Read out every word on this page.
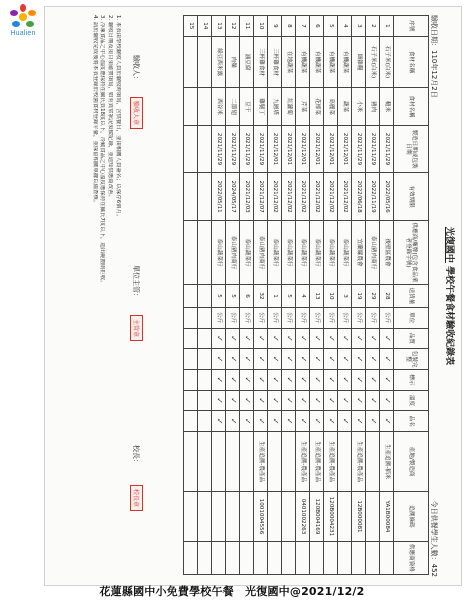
Hualien
光復國中 學校午餐食材驗收紀錄表
驗收日期：110年12月2日
今日供餐學生人數：452
序號	食材名稱	食材名稱	製造日期或包裝日期	有效期限	供應商/廠牌(包含食品業者登錄字號)	送貨量	單位	品質	包裝完整	標示	溫度	品名	產地/製造商	追溯條碼	供應商資格
1	石子米(白米)	糙米	2021/11/29	2022/05/16	後壁區農會	28	公斤	✓	✓	✓	✓	✓	生產追溯-稻米	YA1B00084	
2	石子米(白米)	豬肉	2021/11/29	2022/11/19	泰山豬肉商行	29	公斤	✓	✓	✓	✓	✓			
3	細雜糧	小米	2021/11/29	2022/06/18	宜蘭縣農會	19	公斤	✓	✓	✓	✓	✓	生產追溯-農產品	12B000081	
4	有機蔬菜	蔬菜	2021/12/01	2021/12/02	泰山蔬菜行	3	公斤	✓	✓	✓	✓	✓			
5	有機蔬菜	高麗菜	2021/12/01	2021/12/02	泰山蔬菜行	10	公斤	✓	✓	✓	✓	✓	生產追溯-農產品	120B0004231	
6	有機蔬菜	花椰菜	2021/12/01	2021/12/02	泰山蔬菜行	13	公斤	✓	✓	✓	✓	✓	生產追溯-農產品	120B004169	
7	有機蔬菜	芹菜	2021/12/01	2021/12/02	泰山蔬菜行	4	公斤	✓	✓	✓	✓	✓	生產追溯-農產品	0401002263	
8	在地蔬菜	紅蘿蔔	2021/12/01	2021/12/02	泰山蔬菜行	5	公斤	✓	✓	✓	✓	✓			
9	三杯雞食材	九層塔	2021/12/01	2021/12/02	泰山蔬菜行	1	公斤	✓	✓	✓	✓	✓			
10	三杯雞食材	雞腿丁	2021/11/29	2021/12/07	泰山豬肉商行	32	公斤	✓	✓	✓	✓	✓	生產追溯-農產品	1001004556	
11	滷豆腐	豆干	2021/11/29	2021/12/03	泰山蔬菜行	6	公斤	✓	✓	✓	✓	✓			
12	肉燥	二節翅	2021/11/29	2024/05/17	泰山豬肉商行	5	公斤	✓	✓	✓	✓	✓			
13	綠豆西米露	西谷米	2021/11/29	2022/05/11	泰山蔬菜行	5	公斤	✓	✓	✓	✓	✓			
14															
15															
驗收人：
驗收人章
單位主管：
主管章
校長：
校長章
1. 本表由學校驗收人員於驗收時填寫，含供餐日，並由相關人員簽名；以保存6個月。
2. 驗收日期及項目須確實填寫，如有異常狀況須做紀錄，並通知供應商改善。
3. 冷凍食品之中心溫度應保持在攝氏負18度以下，冷藏食品之中心溫度應保持在攝氏7度以下，超出範圍則拒收。
4. 請於驗收完成後將本表登錄於校園食材登錄平臺，並保留相關單據以備查核。
花蓮縣國中小免費學校午餐　光復國中@2021/12/2
